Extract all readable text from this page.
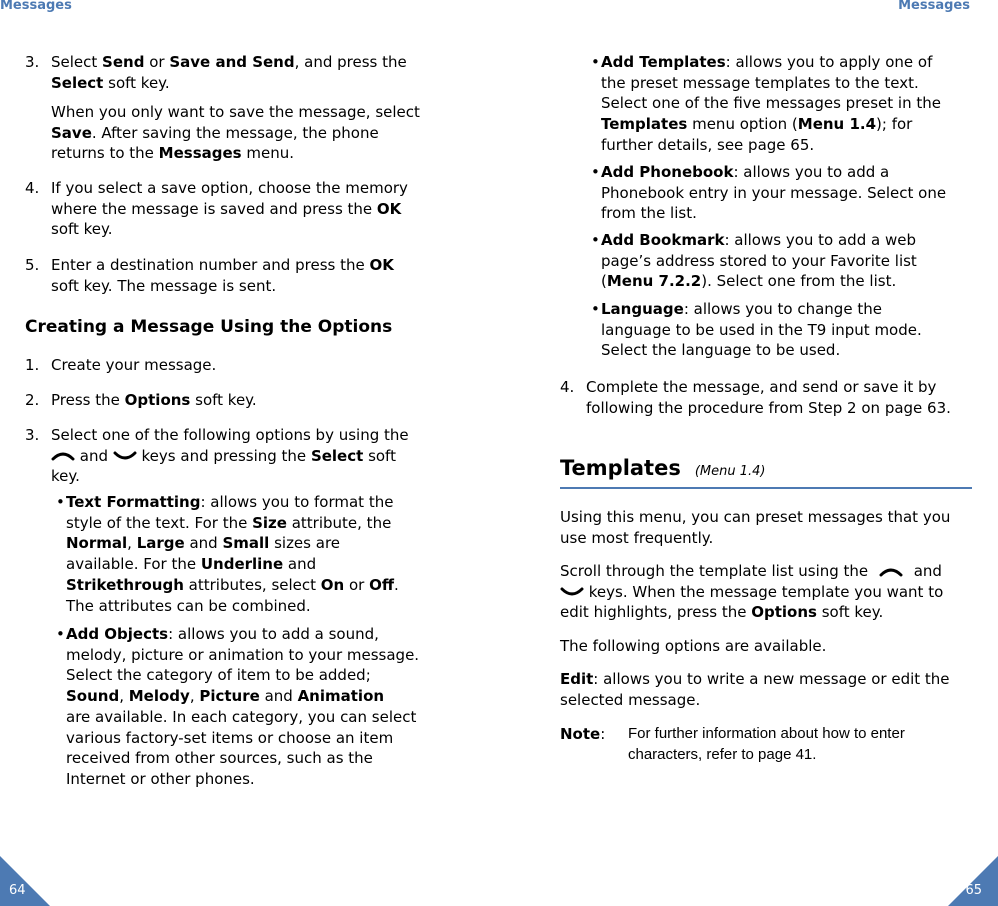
Messages	Messages
3. Select Send or Save and Send, and press the
Select soft key.
When you only want to save the message, select
Save. After saving the message, the phone
returns to the Messages menu.
4. If you select a save option, choose the memory
where the message is saved and press the OK
soft key.
5. Enter a destination number and press the OK
soft key. The message is sent.
Creating a Message Using the Options
1. Create your message.
2. Press the Options soft key.
3. Select one of the following options by using the
and  keys and pressing the Select soft
key.
• Text Formatting: allows you to format the
style of the text. For the Size attribute, the
Normal, Large and Small sizes are
available. For the Underline and
Strikethrough attributes, select On or Off.
The attributes can be combined.
• Add Objects: allows you to add a sound,
melody, picture or animation to your message.
Select the category of item to be added;
Sound, Melody, Picture and Animation
are available. In each category, you can select
various factory-set items or choose an item
received from other sources, such as the
Internet or other phones.
• Add Templates: allows you to apply one of
the preset message templates to the text.
Select one of the five messages preset in the
Templates menu option (Menu 1.4); for
further details, see page 65.
• Add Phonebook: allows you to add a
Phonebook entry in your message. Select one
from the list.
• Add Bookmark: allows you to add a web
page’s address stored to your Favorite list
(Menu 7.2.2). Select one from the list.
• Language: allows you to change the
language to be used in the T9 input mode.
Select the language to be used.
4. Complete the message, and send or save it by
following the procedure from Step 2 on page 63.
Templates (Menu 1.4)
Using this menu, you can preset messages that you
use most frequently.
Scroll through the template list using the  and
keys. When the message template you want to
edit highlights, press the Options soft key.
The following options are available.
Edit: allows you to write a new message or edit the
selected message.
Note: For further information about how to enter
characters, refer to page 41.
64	65
